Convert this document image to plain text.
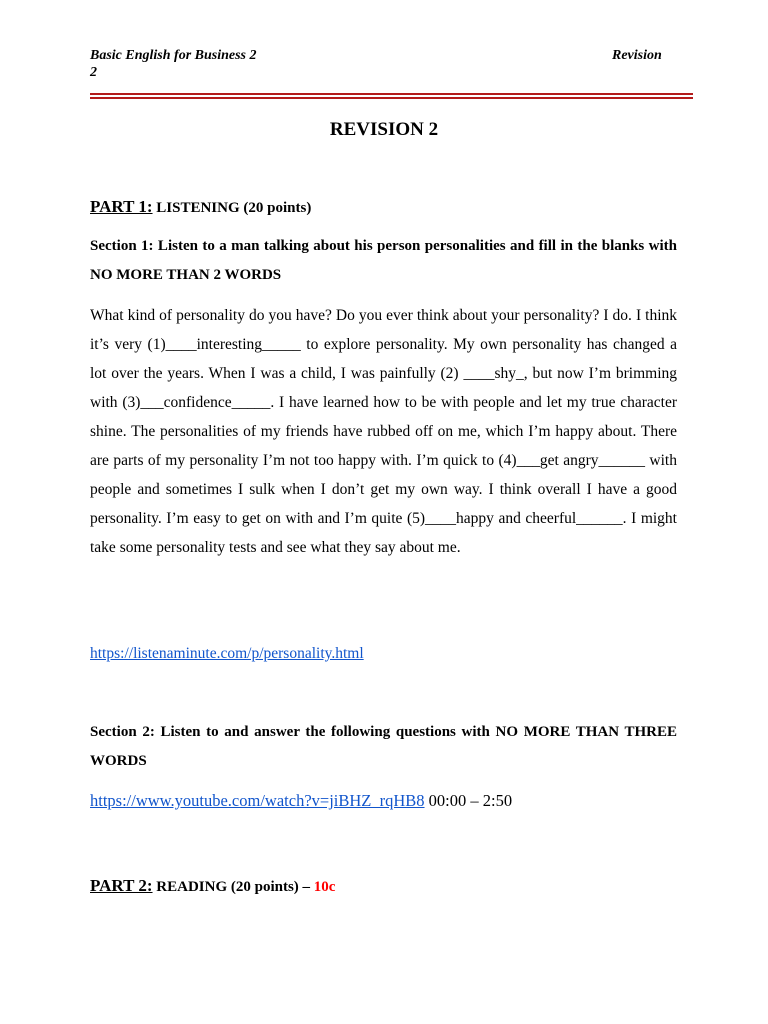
Basic English for Business 2
2
Revision
REVISION 2
PART 1: LISTENING (20 points)
Section 1: Listen to a man talking about his person personalities and fill in the blanks with NO MORE THAN 2 WORDS
What kind of personality do you have? Do you ever think about your personality? I do. I think it’s very (1)____interesting_____ to explore personality. My own personality has changed a lot over the years. When I was a child, I was painfully (2) ____shy_, but now I’m brimming with (3)___confidence_____. I have learned how to be with people and let my true character shine. The personalities of my friends have rubbed off on me, which I’m happy about. There are parts of my personality I’m not too happy with. I’m quick to (4)___get angry______ with people and sometimes I sulk when I don’t get my own way. I think overall I have a good personality. I’m easy to get on with and I’m quite (5)____happy and cheerful______. I might take some personality tests and see what they say about me.
https://listenaminute.com/p/personality.html
Section 2: Listen to and answer the following questions with NO MORE THAN THREE WORDS
https://www.youtube.com/watch?v=jiBHZ_rqHB8 00:00 – 2:50
PART 2: READING (20 points) – 10c
